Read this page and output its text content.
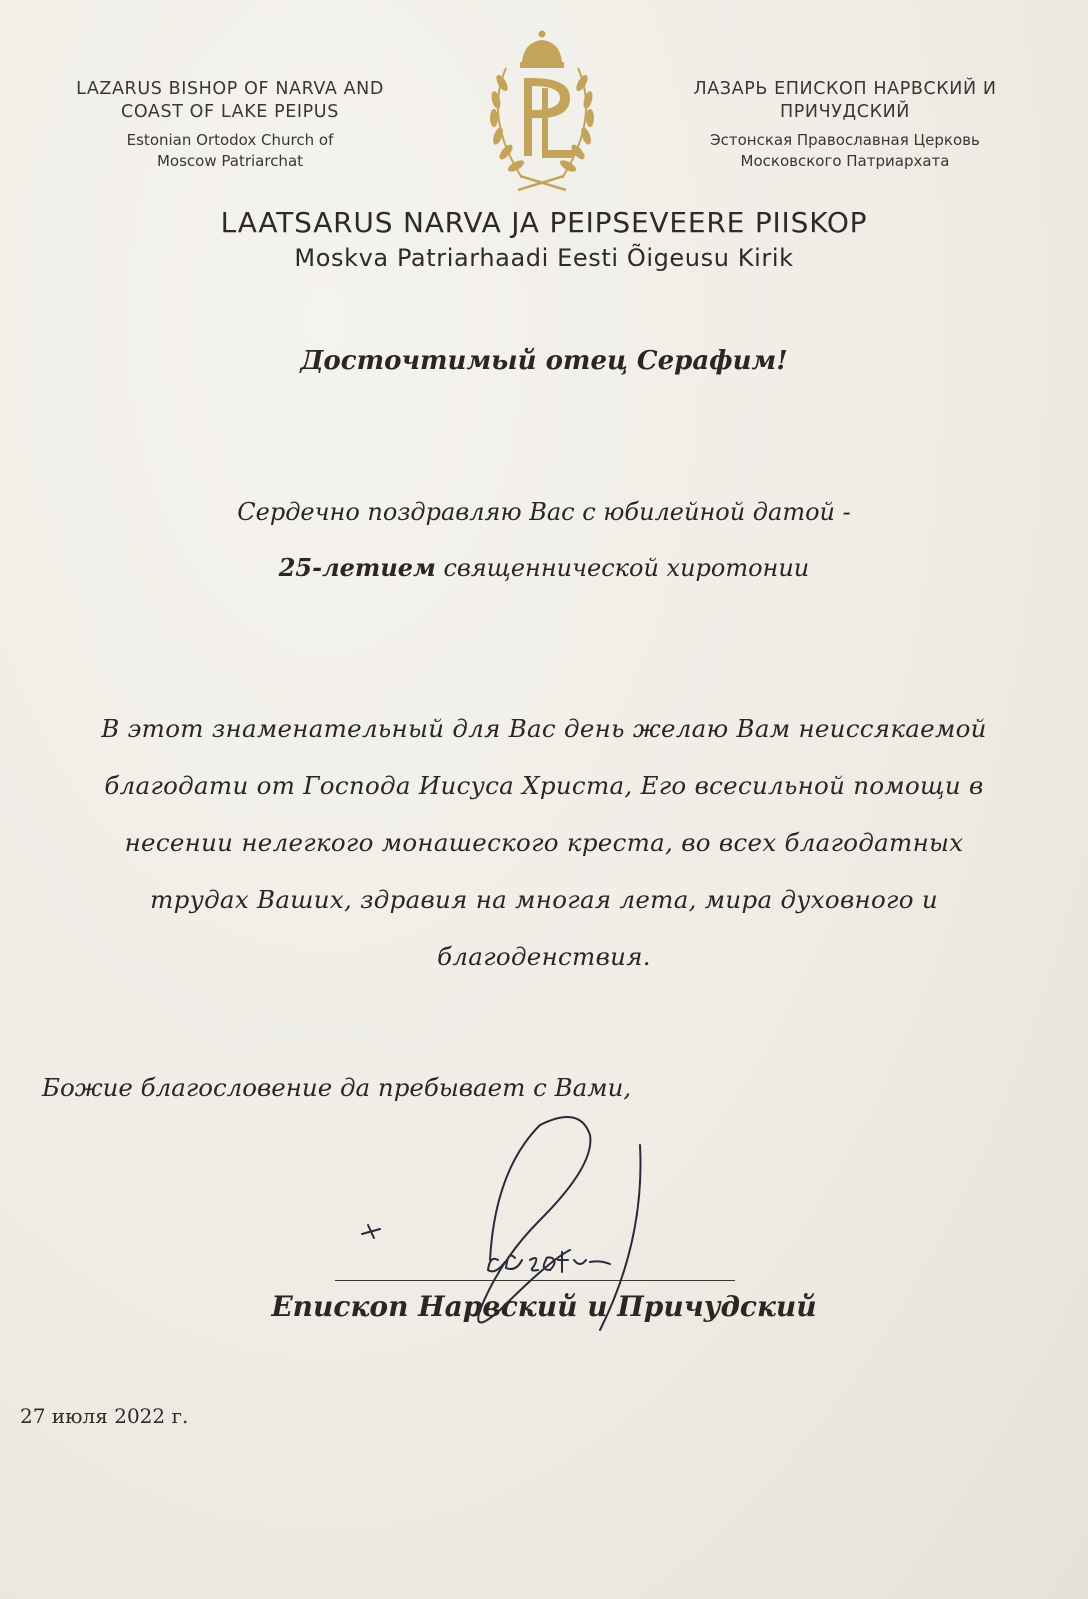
LAZARUS BISHOP OF NARVA AND
COAST OF LAKE PEIPUS
Estonian Ortodox Church of
Moscow Patriarchat
ЛАЗАРЬ ЕПИСКОП НАРВСКИЙ И
ПРИЧУДСКИЙ
Эстонская Православная Церковь
Московского Патриархата
LAATSARUS NARVA JA PEIPSEVEERE PIISKOP
Moskva Patriarhaadi Eesti Õigeusu Kirik
Досточтимый отец Серафим!
Сердечно поздравляю Вас с юбилейной датой -
25-летием священнической хиротонии
В этот знаменательный для Вас день желаю Вам неиссякаемой
благодати от Господа Иисуса Христа, Его всесильной помощи в
несении нелегкого монашеского креста, во всех благодатных
трудах Ваших, здравия на многая лета, мира духовного и
благоденствия.
Божие благословение да пребывает с Вами,
Епископ Нарвский и Причудский
27 июля 2022 г.
